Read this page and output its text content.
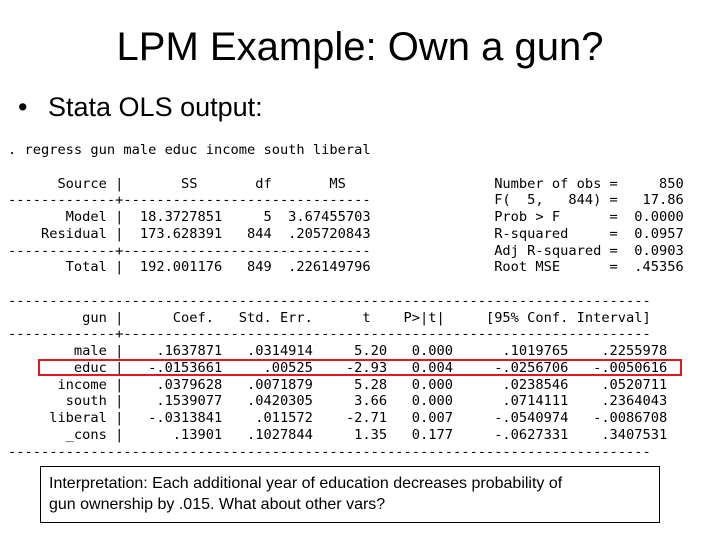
LPM Example: Own a gun?
• Stata OLS output:
. regress gun male educ income south liberal
Source |       SS       df       MS                  Number of obs =     850
-------------+------------------------------               F(  5,   844) =   17.86
Model |  18.3727851     5  3.67455703               Prob > F      =  0.0000
Residual |  173.628391   844  .205720843               R-squared     =  0.0957
-------------+------------------------------               Adj R-squared =  0.0903
Total |  192.001176   849  .226149796               Root MSE      =  .45356
------------------------------------------------------------------------------
gun |      Coef.   Std. Err.      t    P>|t|     [95% Conf. Interval]
-------------+----------------------------------------------------------------
male |    .1637871   .0314914     5.20   0.000      .1019765    .2255978
educ |   -.0153661     .00525    -2.93   0.004     -.0256706   -.0050616
income |    .0379628   .0071879     5.28   0.000      .0238546    .0520711
south |    .1539077   .0420305     3.66   0.000      .0714111    .2364043
liberal |   -.0313841    .011572    -2.71   0.007     -.0540974   -.0086708
_cons |      .13901   .1027844     1.35   0.177     -.0627331    .3407531
------------------------------------------------------------------------------
Interpretation: Each additional year of education decreases probability of
gun ownership by .015. What about other vars?
